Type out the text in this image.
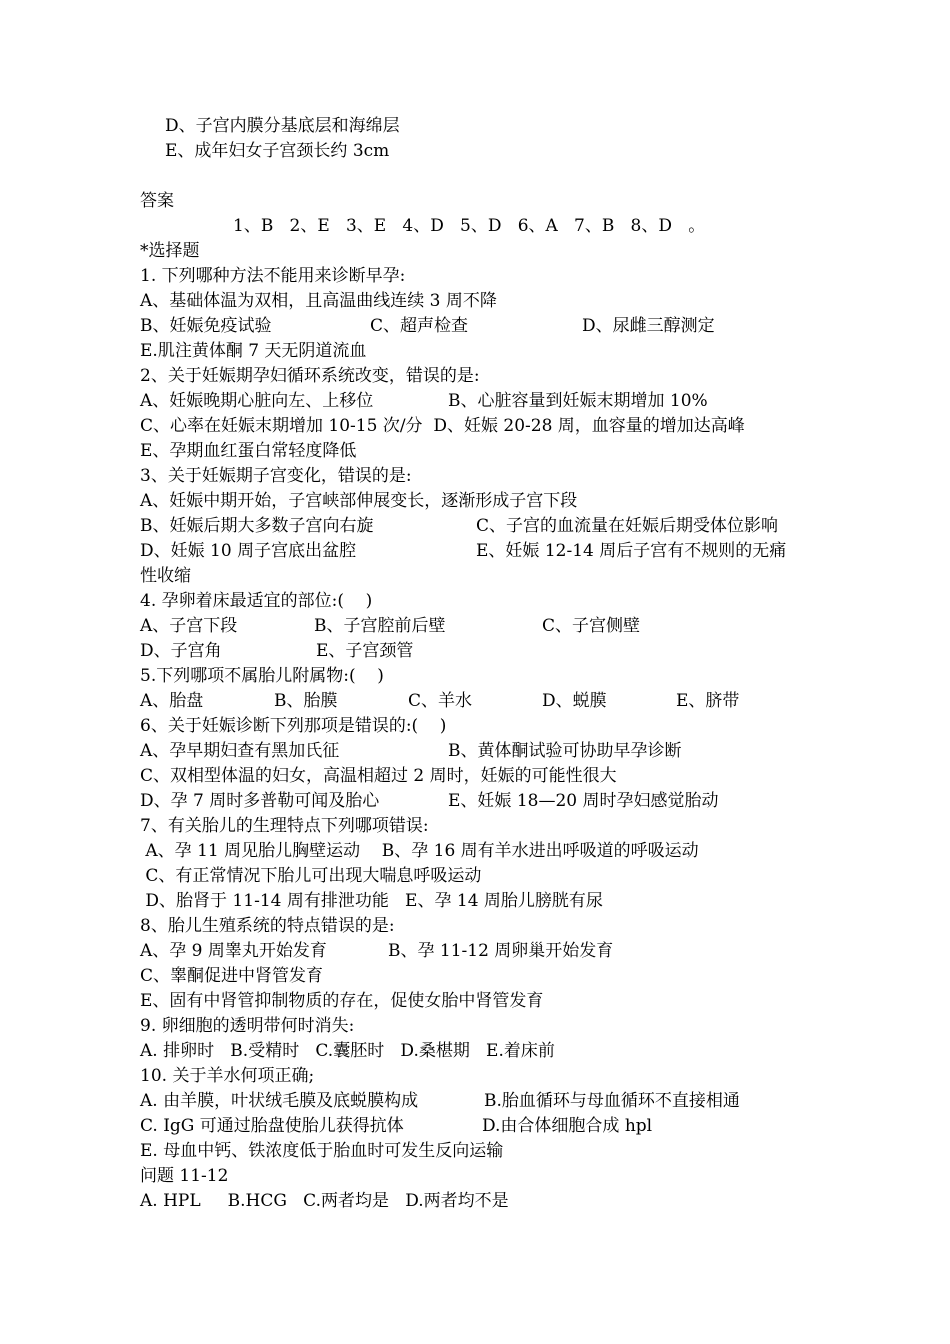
D、子宫内膜分基底层和海绵层
E、成年妇女子宫颈长约 3cm
答案
1、B   2、E   3、E   4、D   5、D   6、A   7、B   8、D   。
*选择题
1. 下列哪种方法不能用来诊断早孕:
A、基础体温为双相，且高温曲线连续 3 周不降
B、妊娠免疫试验	C、超声检查	D、尿雌三醇测定
E.肌注黄体酮 7 天无阴道流血
2、关于妊娠期孕妇循环系统改变，错误的是:
A、妊娠晚期心脏向左、上移位	B、心脏容量到妊娠末期增加 10%
C、心率在妊娠末期增加 10-15 次/分  D、妊娠 20-28 周，血容量的增加达高峰
E、孕期血红蛋白常轻度降低
3、关于妊娠期子宫变化，错误的是:
A、妊娠中期开始，子宫峡部伸展变长，逐渐形成子宫下段
B、妊娠后期大多数子宫向右旋	C、子宫的血流量在妊娠后期受体位影响
D、妊娠 10 周子宫底出盆腔	E、妊娠 12-14 周后子宫有不规则的无痛
性收缩
4. 孕卵着床最适宜的部位:(    )
A、子宫下段	B、子宫腔前后壁	C、子宫侧壁
D、子宫角	E、子宫颈管
5.下列哪项不属胎儿附属物:(    )
A、胎盘	B、胎膜	C、羊水	D、蜕膜	E、脐带
6、关于妊娠诊断下列那项是错误的:(    )
A、孕早期妇查有黑加氏征	B、黄体酮试验可协助早孕诊断
C、双相型体温的妇女，高温相超过 2 周时，妊娠的可能性很大
D、孕 7 周时多普勒可闻及胎心	E、妊娠 18—20 周时孕妇感觉胎动
7、有关胎儿的生理特点下列哪项错误:
A、孕 11 周见胎儿胸壁运动    B、孕 16 周有羊水进出呼吸道的呼吸运动
C、有正常情况下胎儿可出现大喘息呼吸运动
D、胎肾于 11-14 周有排泄功能   E、孕 14 周胎儿膀胱有尿
8、胎儿生殖系统的特点错误的是:
A、孕 9 周睾丸开始发育	B、孕 11-12 周卵巢开始发育
C、睾酮促进中肾管发育
E、固有中肾管抑制物质的存在，促使女胎中肾管发育
9. 卵细胞的透明带何时消失:
A. 排卵时   B.受精时   C.囊胚时   D.桑椹期   E.着床前
10. 关于羊水何项正确;
A. 由羊膜，叶状绒毛膜及底蜕膜构成	B.胎血循环与母血循环不直接相通
C. IgG 可通过胎盘使胎儿获得抗体	D.由合体细胞合成 hpl
E. 母血中钙、铁浓度低于胎血时可发生反向运输
问题 11-12
A. HPL     B.HCG   C.两者均是   D.两者均不是
